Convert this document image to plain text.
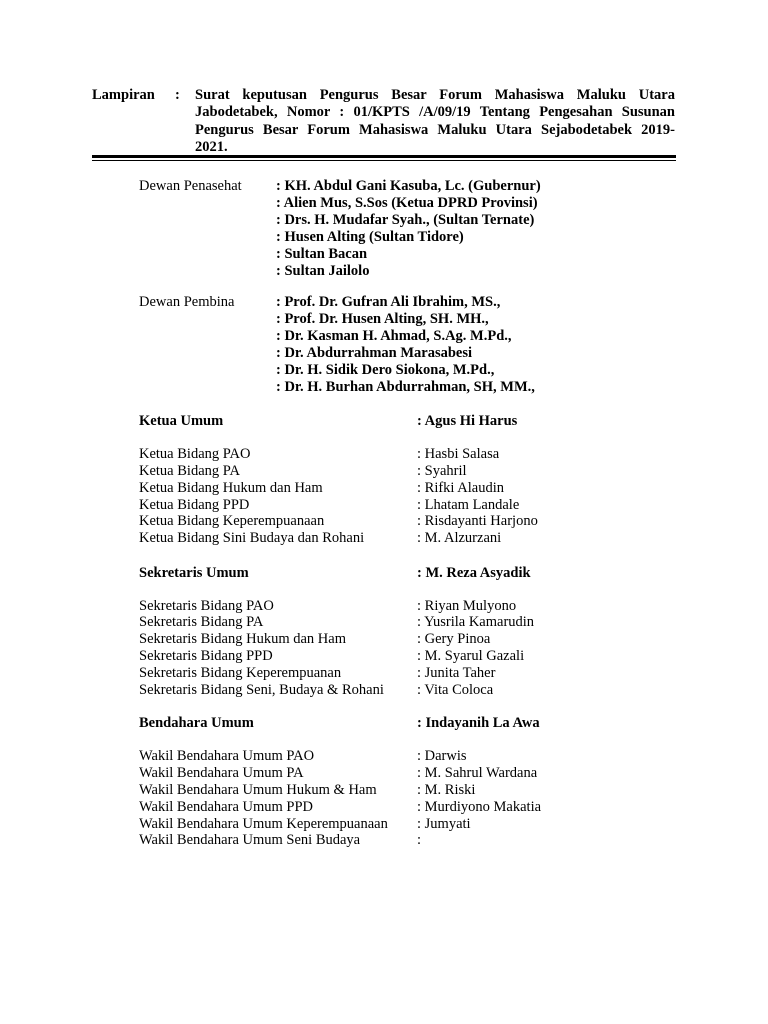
Lampiran : Surat keputusan Pengurus Besar Forum Mahasiswa Maluku Utara
Jabodetabek, Nomor : 01/KPTS /A/09/19 Tentang Pengesahan Susunan
Pengurus Besar Forum Mahasiswa Maluku Utara Sejabodetabek 2019-
2021.
Dewan Penasehat : KH. Abdul Gani Kasuba, Lc. (Gubernur)
: Alien Mus, S.Sos (Ketua DPRD Provinsi)
: Drs. H. Mudafar Syah., (Sultan Ternate)
: Husen Alting (Sultan Tidore)
: Sultan Bacan
: Sultan Jailolo
Dewan Pembina	: Prof. Dr. Gufran Ali Ibrahim, MS.,
: Prof. Dr. Husen Alting, SH. MH.,
: Dr. Kasman H. Ahmad, S.Ag. M.Pd.,
: Dr. Abdurrahman Marasabesi
: Dr. H. Sidik Dero Siokona, M.Pd.,
: Dr. H. Burhan Abdurrahman, SH, MM.,
Ketua Umum	: Agus Hi Harus
Ketua Bidang PAO	: Hasbi Salasa
Ketua Bidang PA	: Syahril
Ketua Bidang Hukum dan Ham	: Rifki Alaudin
Ketua Bidang PPD	: Lhatam Landale
Ketua Bidang Keperempuanaan	: Risdayanti Harjono
Ketua Bidang Sini Budaya dan Rohani	: M. Alzurzani
Sekretaris Umum	: M. Reza Asyadik
Sekretaris Bidang PAO	: Riyan Mulyono
Sekretaris Bidang PA	: Yusrila Kamarudin
Sekretaris Bidang Hukum dan Ham	: Gery Pinoa
Sekretaris Bidang PPD	: M. Syarul Gazali
Sekretaris Bidang Keperempuanan	: Junita Taher
Sekretaris Bidang Seni, Budaya & Rohani : Vita Coloca
Bendahara Umum	: Indayanih La Awa
Wakil Bendahara Umum PAO	: Darwis
Wakil Bendahara Umum PA	: M. Sahrul Wardana
Wakil Bendahara Umum Hukum & Ham	: M. Riski
Wakil Bendahara Umum PPD	: Murdiyono Makatia
Wakil Bendahara Umum Keperempuanaan : Jumyati
Wakil Bendahara Umum Seni Budaya	:
